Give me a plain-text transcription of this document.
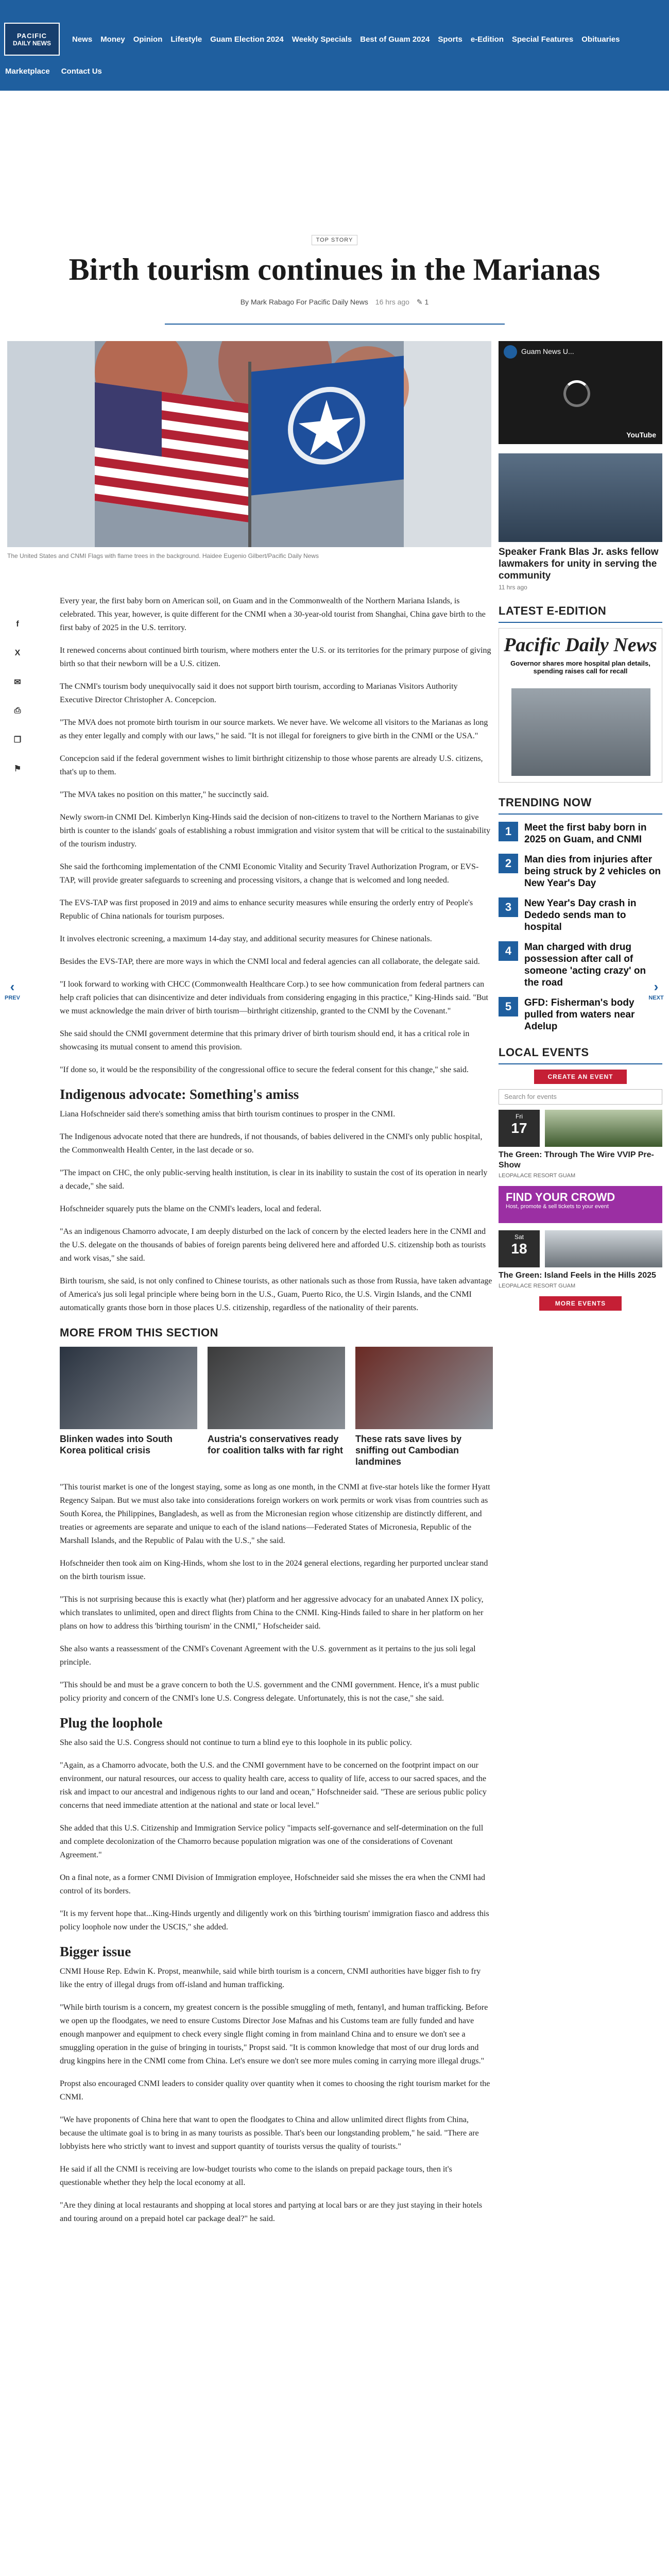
PACIFIC
DAILY NEWS	News Money Opinion Lifestyle Guam Election 2024 Weekly Specials Best of Guam 2024 Sports e-Edition Special Features Obituaries
Marketplace Contact Us
TOP STORY
Birth tourism continues in the Marianas
By Mark Rabago For Pacific Daily News 16 hrs ago ✎ 1
The United States and CNMI Flags with flame trees in the background. Haidee Eugenio Gilbert/Pacific Daily News
f
X
✉
⎙
❐
⚑
‹
PREV
›
NEXT

Every year, the first baby born on American soil, on Guam and in the Commonwealth of the Northern Mariana Islands, is celebrated. This year, however, is quite different for the CNMI when a 30-year-old tourist from Shanghai, China gave birth to the first baby of 2025 in the U.S. territory.

It renewed concerns about continued birth tourism, where mothers enter the U.S. or its territories for the primary purpose of giving birth so that their newborn will be a U.S. citizen.

The CNMI's tourism body unequivocally said it does not support birth tourism, according to Marianas Visitors Authority Executive Director Christopher A. Concepcion.

"The MVA does not promote birth tourism in our source markets. We never have. We welcome all visitors to the Marianas as long as they enter legally and comply with our laws," he said. "It is not illegal for foreigners to give birth in the CNMI or the USA."

Concepcion said if the federal government wishes to limit birthright citizenship to those whose parents are already U.S. citizens, that's up to them.

"The MVA takes no position on this matter," he succinctly said.

Newly sworn-in CNMI Del. Kimberlyn King-Hinds said the decision of non-citizens to travel to the Northern Marianas to give birth is counter to the islands' goals of establishing a robust immigration and visitor system that will be critical to the sustainability of the tourism industry.

She said the forthcoming implementation of the CNMI Economic Vitality and Security Travel Authorization Program, or EVS-TAP, will provide greater safeguards to screening and processing visitors, a change that is welcomed and long needed.

The EVS-TAP was first proposed in 2019 and aims to enhance security measures while ensuring the orderly entry of People's Republic of China nationals for tourism purposes.

It involves electronic screening, a maximum 14-day stay, and additional security measures for Chinese nationals.

Besides the EVS-TAP, there are more ways in which the CNMI local and federal agencies can all collaborate, the delegate said.

"I look forward to working with CHCC (Commonwealth Healthcare Corp.) to see how communication from federal partners can help craft policies that can disincentivize and deter individuals from considering engaging in this practice," King-Hinds said. "But we must acknowledge the main driver of birth tourism—birthright citizenship, granted to the CNMI by the Covenant."

She said should the CNMI government determine that this primary driver of birth tourism should end, it has a critical role in showcasing its mutual consent to amend this provision.

"If done so, it would be the responsibility of the congressional office to secure the federal consent for this change," she said.

Indigenous advocate: Something's amiss

Liana Hofschneider said there's something amiss that birth tourism continues to prosper in the CNMI.

The Indigenous advocate noted that there are hundreds, if not thousands, of babies delivered in the CNMI's only public hospital, the Commonwealth Health Center, in the last decade or so.

"The impact on CHC, the only public-serving health institution, is clear in its inability to sustain the cost of its operation in nearly a decade," she said.

Hofschneider squarely puts the blame on the CNMI's leaders, local and federal.

"As an indigenous Chamorro advocate, I am deeply disturbed on the lack of concern by the elected leaders here in the CNMI and the U.S. delegate on the thousands of babies of foreign parents being delivered here and afforded U.S. citizenship both as tourists and work visas," she said.

Birth tourism, she said, is not only confined to Chinese tourists, as other nationals such as those from Russia, have taken advantage of America's jus soli legal principle where being born in the U.S., Guam, Puerto Rico, the U.S. Virgin Islands, and the CNMI automatically grants those born in those places U.S. citizenship, regardless of the nationality of their parents.

MORE FROM THIS SECTION
Blinken wades into South Korea political crisis
Austria's conservatives ready for coalition talks with far right
These rats save lives by sniffing out Cambodian landmines

"This tourist market is one of the longest staying, some as long as one month, in the CNMI at five-star hotels like the former Hyatt Regency Saipan. But we must also take into considerations foreign workers on work permits or work visas from countries such as South Korea, the Philippines, Bangladesh, as well as from the Micronesian region whose citizenship are distinctly different, and treaties or agreements are separate and unique to each of the island nations—Federated States of Micronesia, Republic of the Marshall Islands, and the Republic of Palau with the U.S.," she said.

Hofschneider then took aim on King-Hinds, whom she lost to in the 2024 general elections, regarding her purported unclear stand on the birth tourism issue.

"This is not surprising because this is exactly what (her) platform and her aggressive advocacy for an unabated Annex IX policy, which translates to unlimited, open and direct flights from China to the CNMI. King-Hinds failed to share in her platform on her plans on how to address this 'birthing tourism' in the CNMI," Hofscheider said.

She also wants a reassessment of the CNMI's Covenant Agreement with the U.S. government as it pertains to the jus soli legal principle.

"This should be and must be a grave concern to both the U.S. government and the CNMI government. Hence, it's a must public policy priority and concern of the CNMI's lone U.S. Congress delegate. Unfortunately, this is not the case," she said.

Plug the loophole

She also said the U.S. Congress should not continue to turn a blind eye to this loophole in its public policy.

"Again, as a Chamorro advocate, both the U.S. and the CNMI government have to be concerned on the footprint impact on our environment, our natural resources, our access to quality health care, access to quality of life, access to our sacred spaces, and the risk and impact to our ancestral and indigenous rights to our land and ocean," Hofschneider said. "These are serious public policy concerns that need immediate attention at the national and state or local level."

She added that this U.S. Citizenship and Immigration Service policy "impacts self-governance and self-determination on the full and complete decolonization of the Chamorro because population migration was one of the considerations of Covenant Agreement."

On a final note, as a former CNMI Division of Immigration employee, Hofschneider said she misses the era when the CNMI had control of its borders.

"It is my fervent hope that...King-Hinds urgently and diligently work on this 'birthing tourism' immigration fiasco and address this policy loophole now under the USCIS," she added.

Bigger issue

CNMI House Rep. Edwin K. Propst, meanwhile, said while birth tourism is a concern, CNMI authorities have bigger fish to fry like the entry of illegal drugs from off-island and human trafficking.

"While birth tourism is a concern, my greatest concern is the possible smuggling of meth, fentanyl, and human trafficking. Before we open up the floodgates, we need to ensure Customs Director Jose Mafnas and his Customs team are fully funded and have enough manpower and equipment to check every single flight coming in from mainland China and to ensure we don't see a smuggling operation in the guise of bringing in tourists," Propst said. "It is common knowledge that most of our drug lords and drug kingpins here in the CNMI come from China. Let's ensure we don't see more mules coming in carrying more illegal drugs."

Propst also encouraged CNMI leaders to consider quality over quantity when it comes to choosing the right tourism market for the CNMI.

"We have proponents of China here that want to open the floodgates to China and allow unlimited direct flights from China, because the ultimate goal is to bring in as many tourists as possible. That's been our longstanding problem," he said. "There are lobbyists here who strictly want to invest and support quantity of tourists versus the quality of tourists."

He said if all the CNMI is receiving are low-budget tourists who come to the islands on prepaid package tours, then it's questionable whether they help the local economy at all.

"Are they dining at local restaurants and shopping at local stores and partying at local bars or are they just staying in their hotels and touring around on a prepaid hotel car package deal?" he said.

Guam News U...
YouTube
Speaker Frank Blas Jr. asks fellow lawmakers for unity in serving the community
11 hrs ago
LATEST E-EDITION
Pacific Daily News
Governor shares more hospital plan details, spending raises call for recall
TRENDING NOW
1	Meet the first baby born in 2025 on Guam, and CNMI
2	Man dies from injuries after being struck by 2 vehicles on New Year's Day
3	New Year's Day crash in Dededo sends man to hospital
4	Man charged with drug possession after call of someone 'acting crazy' on the road
5	GFD: Fisherman's body pulled from waters near Adelup
LOCAL EVENTS
CREATE AN EVENT
Search for events
Fri
17
The Green: Through The Wire VVIP Pre-Show
LEOPALACE RESORT GUAM
FIND YOUR CROWD
Host, promote & sell tickets to your event
Sat
18
The Green: Island Feels in the Hills 2025
LEOPALACE RESORT GUAM
MORE EVENTS
